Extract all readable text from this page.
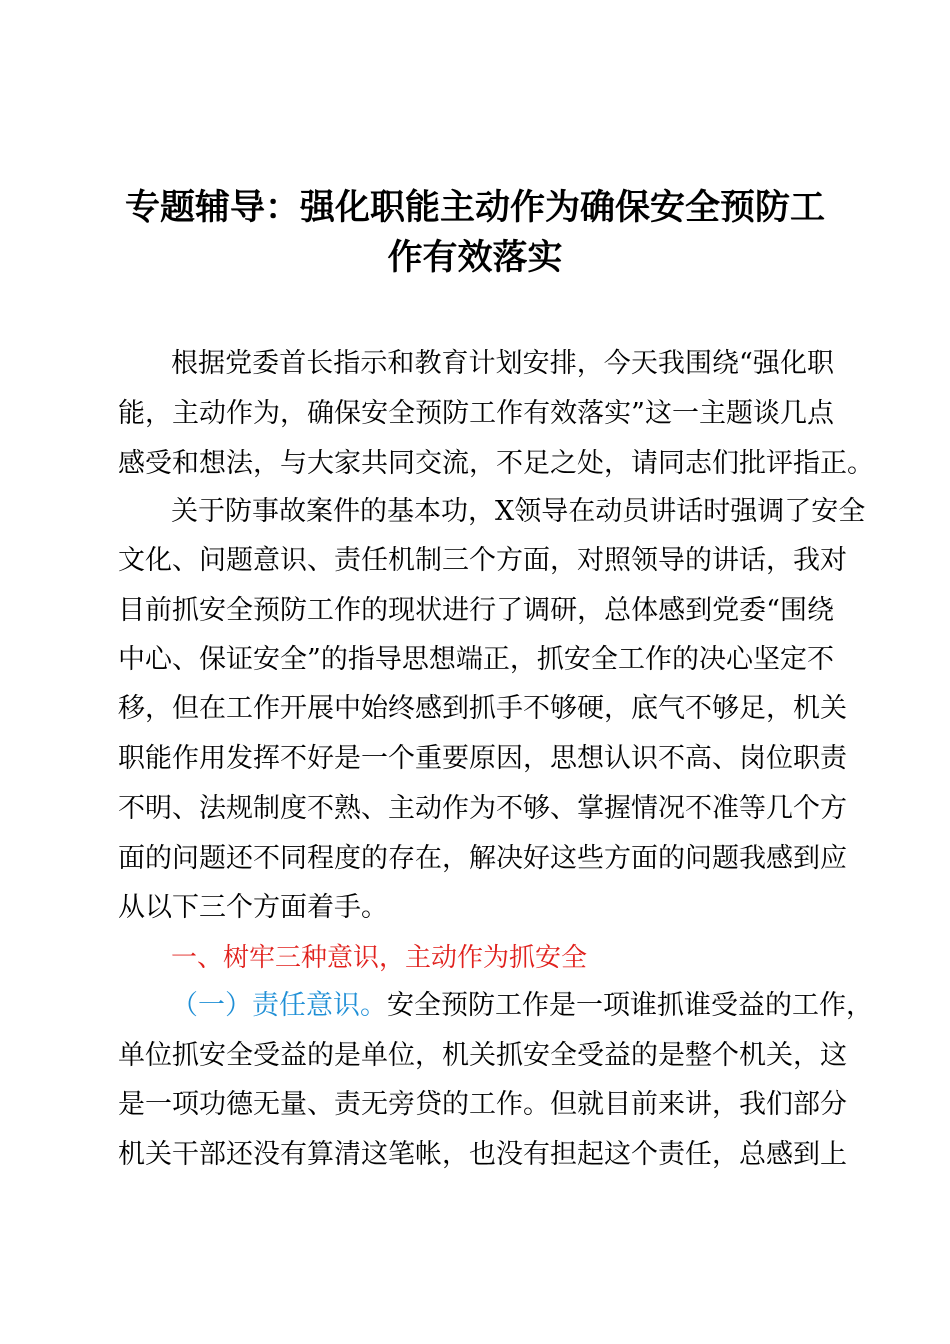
专题辅导：强化职能主动作为确保安全预防工
作有效落实
根据党委首长指示和教育计划安排，今天我围绕“强化职
能，主动作为，确保安全预防工作有效落实”这一主题谈几点
感受和想法，与大家共同交流，不足之处，请同志们批评指正。
关于防事故案件的基本功，X领导在动员讲话时强调了安全
文化、问题意识、责任机制三个方面，对照领导的讲话，我对
目前抓安全预防工作的现状进行了调研，总体感到党委“围绕
中心、保证安全”的指导思想端正，抓安全工作的决心坚定不
移，但在工作开展中始终感到抓手不够硬，底气不够足，机关
职能作用发挥不好是一个重要原因，思想认识不高、岗位职责
不明、法规制度不熟、主动作为不够、掌握情况不准等几个方
面的问题还不同程度的存在，解决好这些方面的问题我感到应
从以下三个方面着手。
一、树牢三种意识，主动作为抓安全
（一）责任意识。安全预防工作是一项谁抓谁受益的工作，
单位抓安全受益的是单位，机关抓安全受益的是整个机关，这
是一项功德无量、责无旁贷的工作。但就目前来讲，我们部分
机关干部还没有算清这笔帐，也没有担起这个责任，总感到上
